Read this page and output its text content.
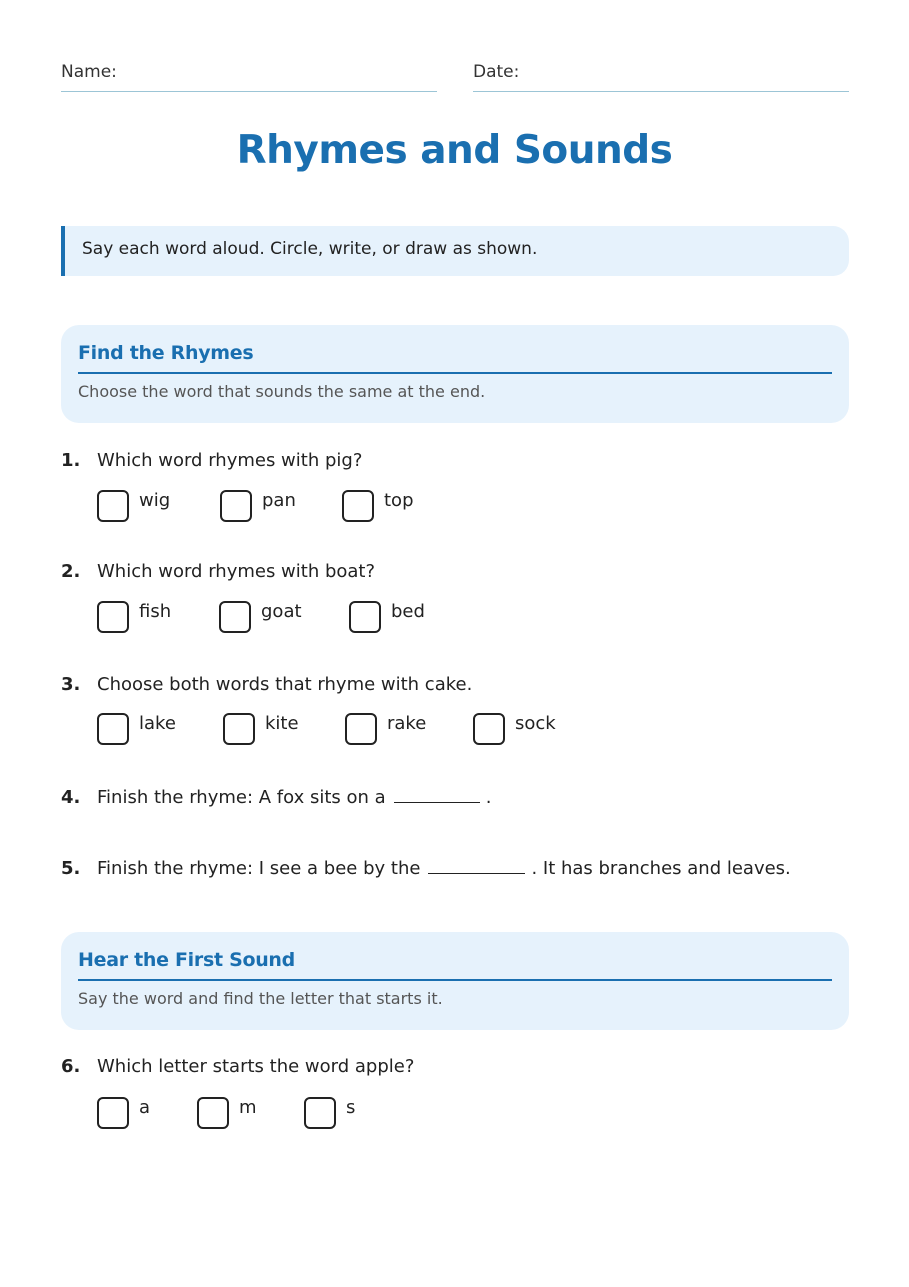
Name:	Date:
Rhymes and Sounds
Say each word aloud. Circle, write, or draw as shown.
Find the Rhymes

Choose the word that sounds the same at the end.

1. Which word rhymes with pig?
wig	pan	top
2. Which word rhymes with boat?
fish	goat	bed
3. Choose both words that rhyme with cake.
lake	kite	rake	sock
4. Finish the rhyme: A fox sits on a	.
5. Finish the rhyme: I see a bee by the	. It has branches and leaves.
Hear the First Sound

Say the word and find the letter that starts it.

6. Which letter starts the word apple?
a	m	s
